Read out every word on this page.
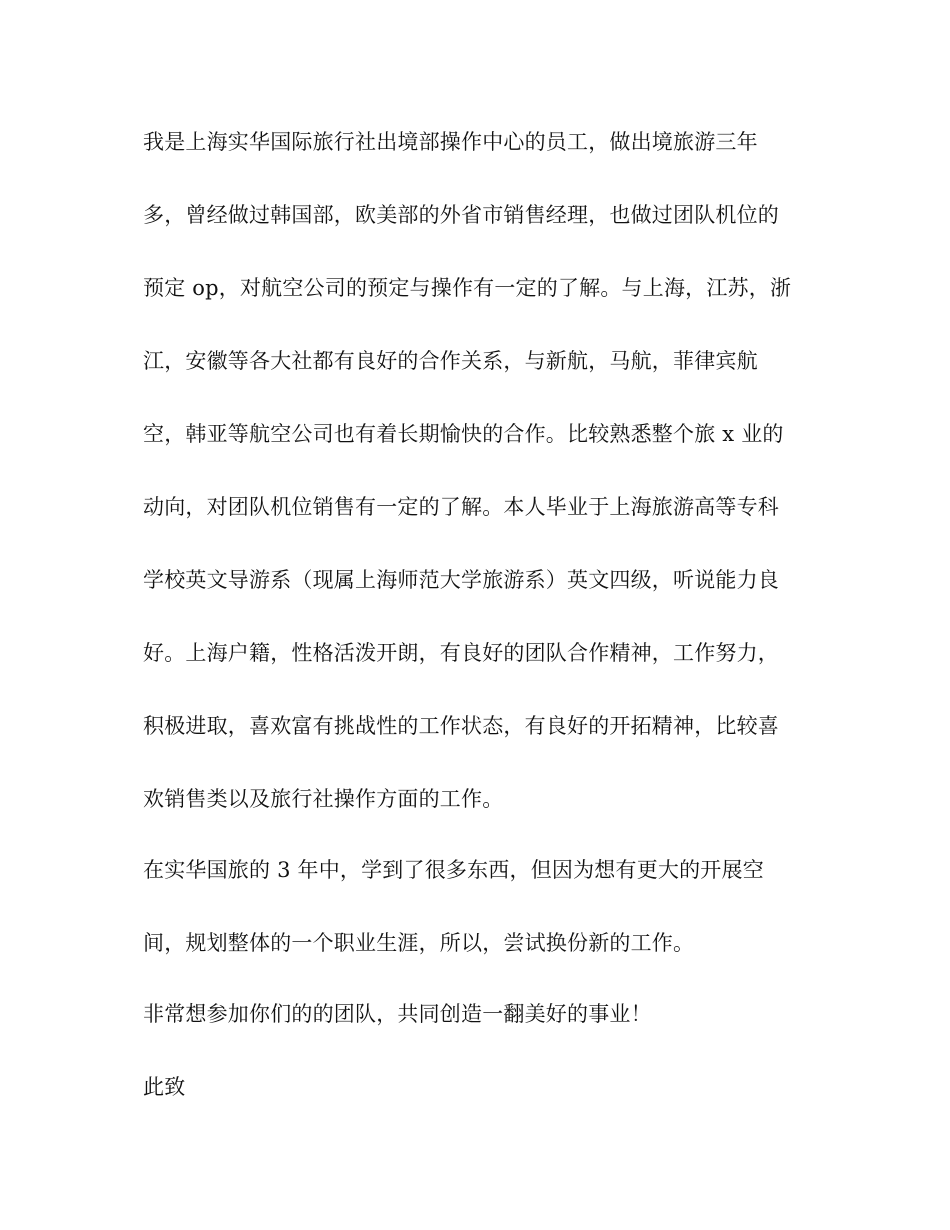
我是上海实华国际旅行社出境部操作中心的员工，做出境旅游三年
多，曾经做过韩国部，欧美部的外省市销售经理，也做过团队机位的
预定 op，对航空公司的预定与操作有一定的了解。与上海，江苏，浙
江，安徽等各大社都有良好的合作关系，与新航，马航，菲律宾航
空，韩亚等航空公司也有着长期愉快的合作。比较熟悉整个旅 x 业的
动向，对团队机位销售有一定的了解。本人毕业于上海旅游高等专科
学校英文导游系（现属上海师范大学旅游系）英文四级，听说能力良
好。上海户籍，性格活泼开朗，有良好的团队合作精神，工作努力，
积极进取，喜欢富有挑战性的工作状态，有良好的开拓精神，比较喜
欢销售类以及旅行社操作方面的工作。
在实华国旅的 3 年中，学到了很多东西，但因为想有更大的开展空
间，规划整体的一个职业生涯，所以，尝试换份新的工作。
非常想参加你们的的团队，共同创造一翻美好的事业！
此致
